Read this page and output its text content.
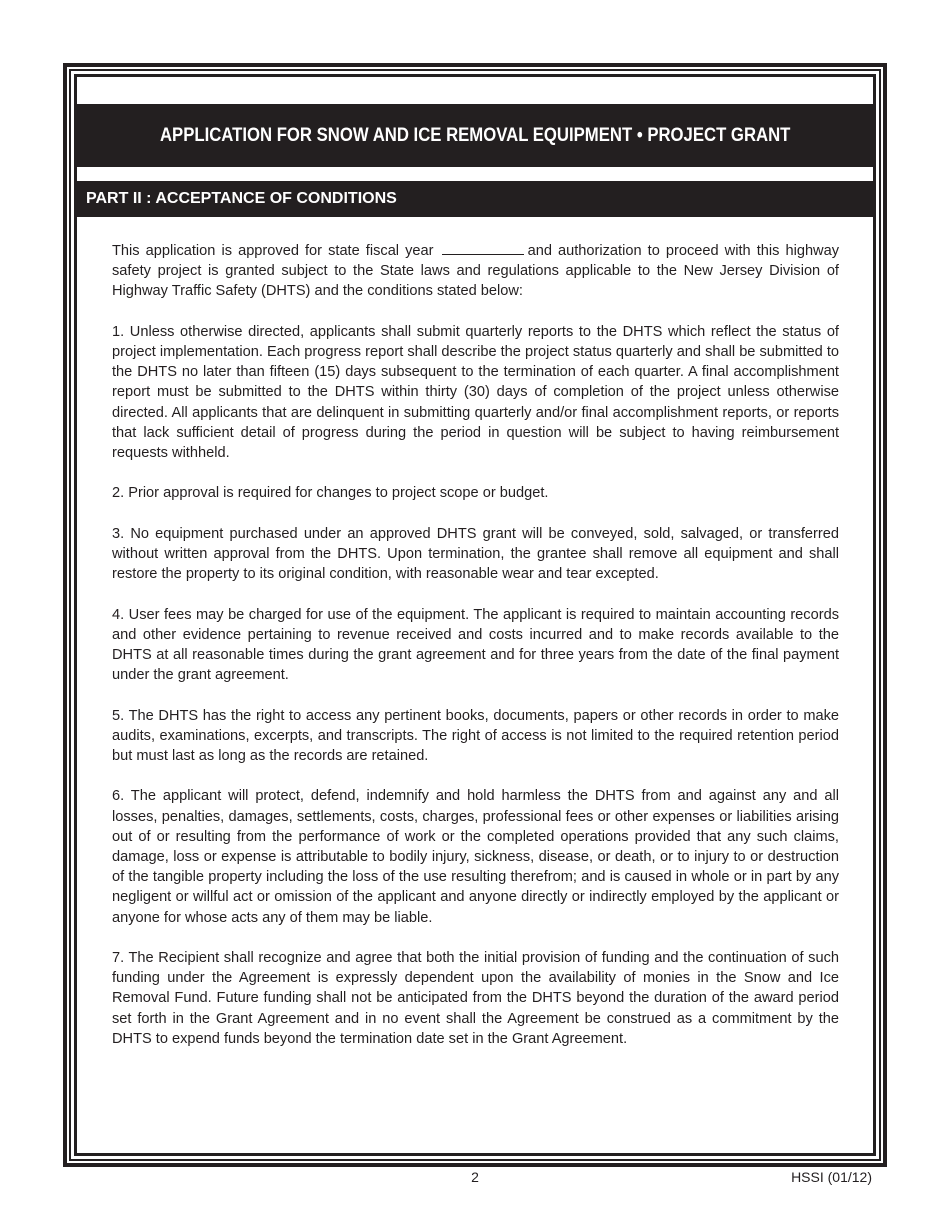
APPLICATION FOR SNOW AND ICE REMOVAL EQUIPMENT • PROJECT GRANT
PART II : ACCEPTANCE OF CONDITIONS

This application is approved for state fiscal year	and authorization to proceed with this highway safety project is granted subject to the State laws and regulations applicable to the New Jersey Division of Highway Traffic Safety (DHTS) and the conditions stated below:

1. Unless otherwise directed, applicants shall submit quarterly reports to the DHTS which reflect the status of project implementation. Each progress report shall describe the project status quarterly and shall be submitted to the DHTS no later than fifteen (15) days subsequent to the termination of each quarter. A final accomplishment report must be submitted to the DHTS within thirty (30) days of completion of the project unless otherwise directed. All applicants that are delinquent in submitting quarterly and/or final accomplishment reports, or reports that lack sufficient detail of progress during the period in question will be subject to having reimbursement requests withheld.

2. Prior approval is required for changes to project scope or budget.

3. No equipment purchased under an approved DHTS grant will be conveyed, sold, salvaged, or transferred without written approval from the DHTS. Upon termination, the grantee shall remove all equipment and shall restore the property to its original condition, with reasonable wear and tear excepted.

4. User fees may be charged for use of the equipment. The applicant is required to maintain accounting records and other evidence pertaining to revenue received and costs incurred and to make records available to the DHTS at all reasonable times during the grant agreement and for three years from the date of the final payment under the grant agreement.

5. The DHTS has the right to access any pertinent books, documents, papers or other records in order to make audits, examinations, excerpts, and transcripts. The right of access is not limited to the required retention period but must last as long as the records are retained.

6. The applicant will protect, defend, indemnify and hold harmless the DHTS from and against any and all losses, penalties, damages, settlements, costs, charges, professional fees or other expenses or liabilities arising out of or resulting from the performance of work or the completed operations provided that any such claims, damage, loss or expense is attributable to bodily injury, sickness, disease, or death, or to injury to or destruction of the tangible property including the loss of the use resulting therefrom; and is caused in whole or in part by any negligent or willful act or omission of the applicant and anyone directly or indirectly employed by the applicant or anyone for whose acts any of them may be liable.

7. The Recipient shall recognize and agree that both the initial provision of funding and the continuation of such funding under the Agreement is expressly dependent upon the availability of monies in the Snow and Ice Removal Fund. Future funding shall not be anticipated from the DHTS beyond the duration of the award period set forth in the Grant Agreement and in no event shall the Agreement be construed as a commitment by the DHTS to expend funds beyond the termination date set in the Grant Agreement.

2	HSSI (01/12)
